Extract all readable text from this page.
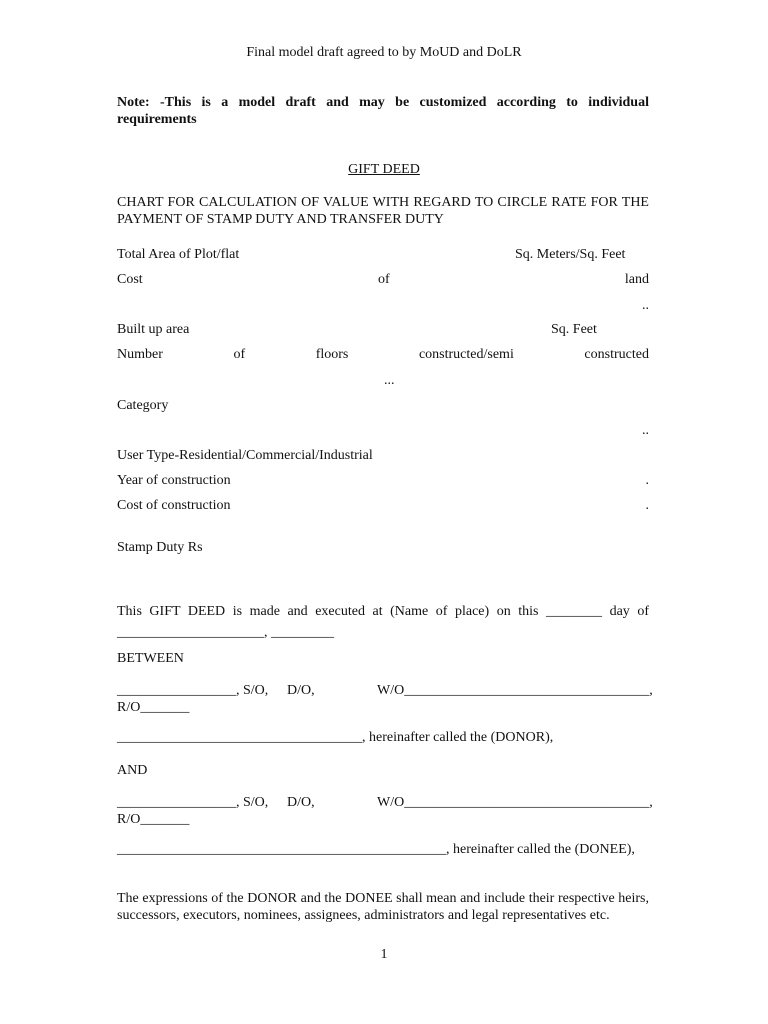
Final model draft agreed to by MoUD and DoLR
Note: -This is a model draft and may be customized according to individual requirements
GIFT DEED
CHART FOR CALCULATION OF VALUE WITH REGARD TO CIRCLE RATE FOR THE PAYMENT OF STAMP DUTY AND TRANSFER DUTY
Total Area of Plot/flat	Sq. Meters/Sq. Feet
Cost	of	land
..
Built up area	Sq. Feet
Number	of	floors	constructed/semi	constructed
...
Category
..
User Type-Residential/Commercial/Industrial
Year of construction	.
Cost of construction	.
Stamp Duty Rs
This GIFT DEED is made and executed at (Name of place) on this ________ day of
_____________________, _________
BETWEEN
_________________, S/O, D/O,	W/O___________________________________,
R/O_______
___________________________________, hereinafter called the (DONOR),
AND
_________________, S/O, D/O,	W/O___________________________________,
R/O_______
_______________________________________________, hereinafter called the (DONEE),
The expressions of the DONOR and the DONEE shall mean and include their respective heirs, successors, executors, nominees, assignees, administrators and legal representatives etc.
1
